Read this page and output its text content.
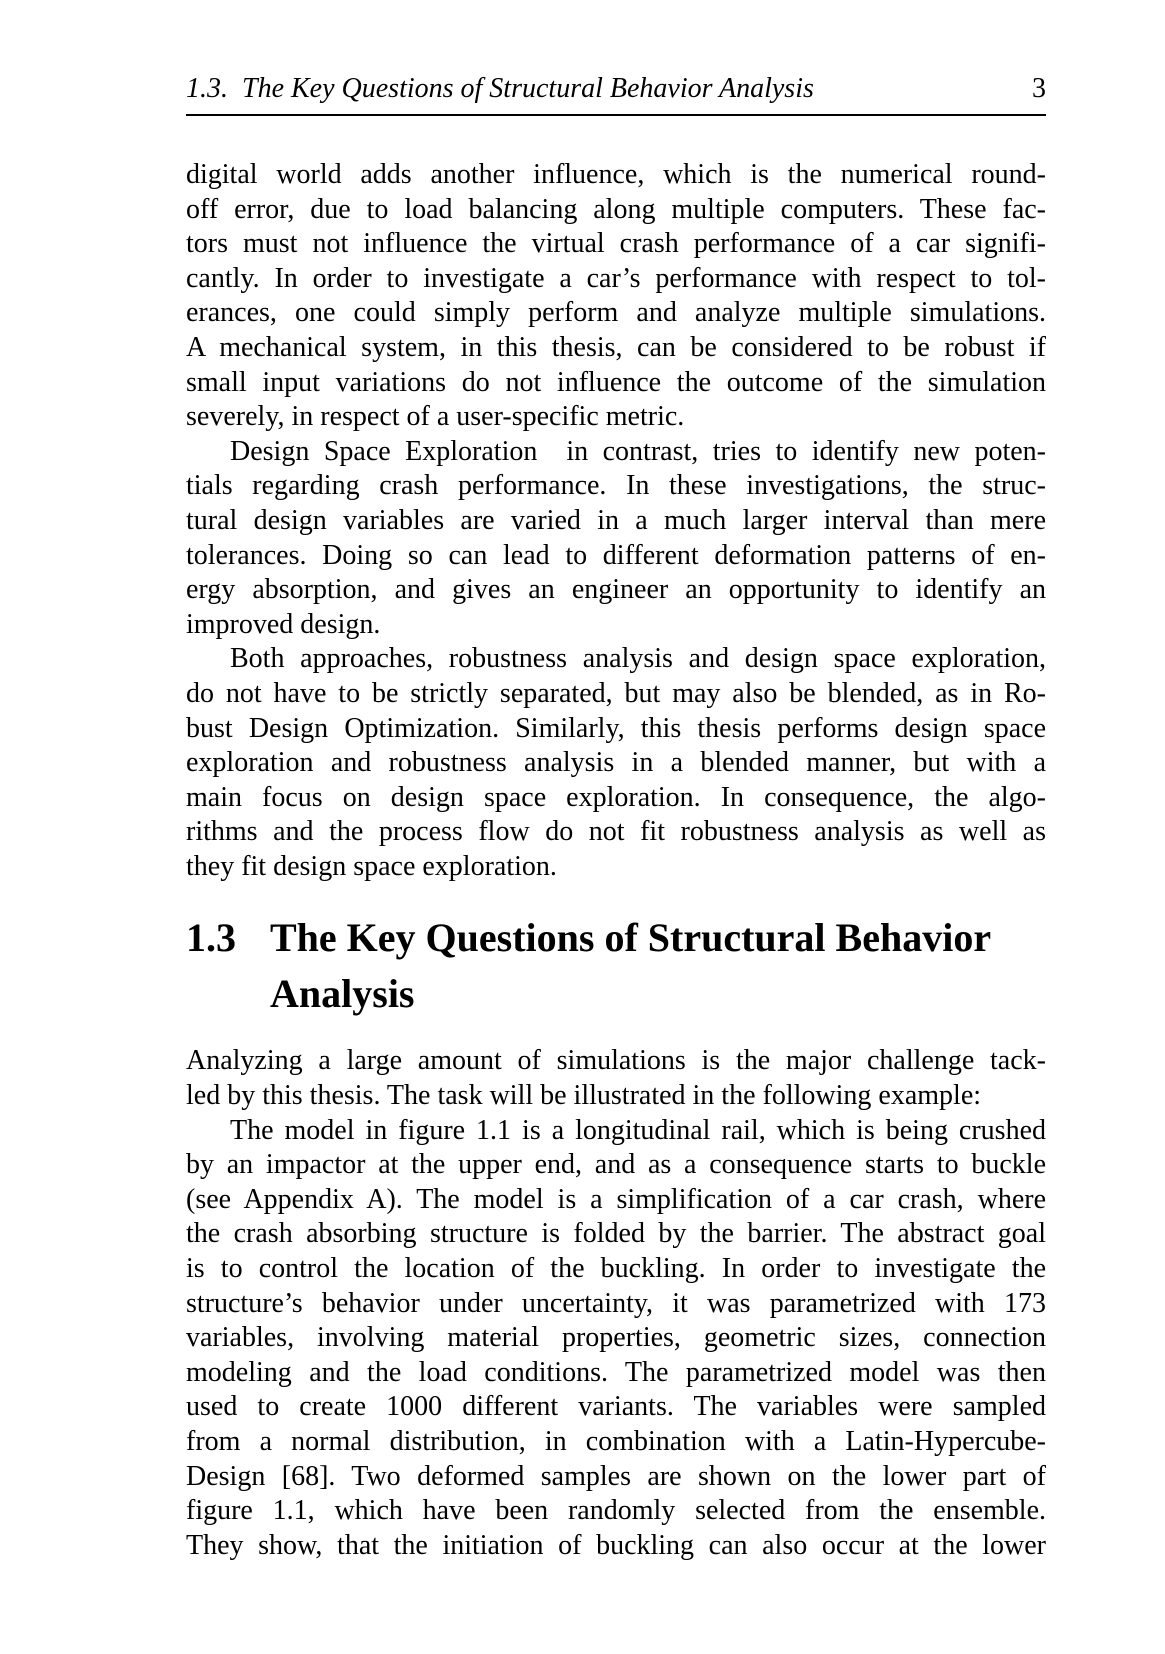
1.3.  The Key Questions of Structural Behavior Analysis	3
digital world adds another influence, which is the numerical round-
off error, due to load balancing along multiple computers. These fac-
tors must not influence the virtual crash performance of a car signifi-
cantly. In order to investigate a car’s performance with respect to tol-
erances, one could simply perform and analyze multiple simulations.
A mechanical system, in this thesis, can be considered to be robust if
small input variations do not influence the outcome of the simulation
severely, in respect of a user-specific metric.
Design Space Exploration  in contrast, tries to identify new poten-
tials regarding crash performance. In these investigations, the struc-
tural design variables are varied in a much larger interval than mere
tolerances. Doing so can lead to different deformation patterns of en-
ergy absorption, and gives an engineer an opportunity to identify an
improved design.
Both approaches, robustness analysis and design space exploration,
do not have to be strictly separated, but may also be blended, as in Ro-
bust Design Optimization. Similarly, this thesis performs design space
exploration and robustness analysis in a blended manner, but with a
main focus on design space exploration. In consequence, the algo-
rithms and the process flow do not fit robustness analysis as well as
they fit design space exploration.
1.3 The Key Questions of Structural Behavior
Analysis
Analyzing a large amount of simulations is the major challenge tack-
led by this thesis. The task will be illustrated in the following example:
The model in figure 1.1 is a longitudinal rail, which is being crushed
by an impactor at the upper end, and as a consequence starts to buckle
(see Appendix A). The model is a simplification of a car crash, where
the crash absorbing structure is folded by the barrier. The abstract goal
is to control the location of the buckling. In order to investigate the
structure’s behavior under uncertainty, it was parametrized with 173
variables, involving material properties, geometric sizes, connection
modeling and the load conditions. The parametrized model was then
used to create 1000 different variants. The variables were sampled
from a normal distribution, in combination with a Latin-Hypercube-
Design [68]. Two deformed samples are shown on the lower part of
figure 1.1, which have been randomly selected from the ensemble.
They show, that the initiation of buckling can also occur at the lower
